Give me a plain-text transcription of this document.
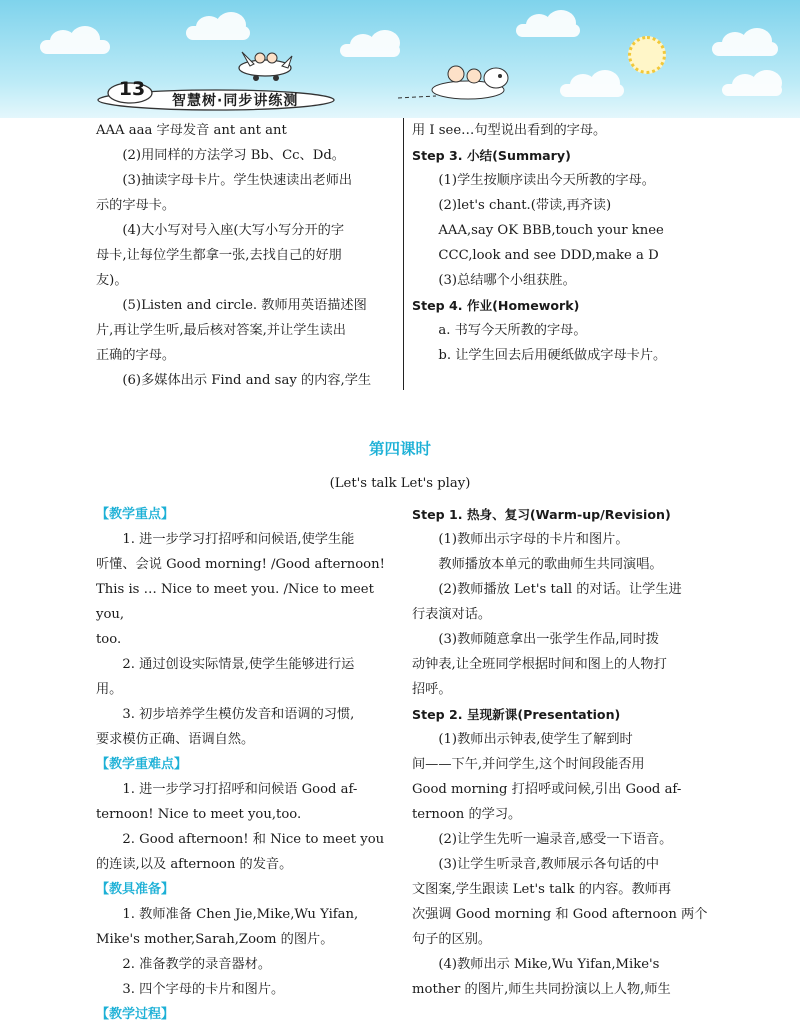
13
智慧树·同步讲练测

AAA aaa 字母发音 ant ant ant

(2)用同样的方法学习 Bb、Cc、Dd。

(3)抽读字母卡片。学生快速读出老师出

示的字母卡。

(4)大小写对号入座(大写小写分开的字

母卡,让每位学生都拿一张,去找自己的好朋

友)。

(5)Listen and circle. 教师用英语描述图

片,再让学生听,最后核对答案,并让学生读出

正确的字母。

(6)多媒体出示 Find and say 的内容,学生

用 I see…句型说出看到的字母。

Step 3. 小结(Summary)

(1)学生按顺序读出今天所教的字母。

(2)let's chant.(带读,再齐读)

AAA,say OK BBB,touch your knee

CCC,look and see DDD,make a D

(3)总结哪个小组获胜。

Step 4. 作业(Homework)

a. 书写今天所教的字母。

b. 让学生回去后用硬纸做成字母卡片。

第四课时
(Let's talk Let's play)

【教学重点】

1. 进一步学习打招呼和问候语,使学生能

听懂、会说 Good morning! /Good afternoon!

This is … Nice to meet you. /Nice to meet you,

too.

2. 通过创设实际情景,使学生能够进行运

用。

3. 初步培养学生模仿发音和语调的习惯,

要求模仿正确、语调自然。

【教学重难点】

1. 进一步学习打招呼和问候语 Good af-

ternoon! Nice to meet you,too.

2. Good afternoon! 和 Nice to meet you

的连读,以及 afternoon 的发音。

【教具准备】

1. 教师准备 Chen Jie,Mike,Wu Yifan,

Mike's mother,Sarah,Zoom 的图片。

2. 准备教学的录音器材。

3. 四个字母的卡片和图片。

【教学过程】

Step 1. 热身、复习(Warm-up/Revision)

(1)教师出示字母的卡片和图片。

教师播放本单元的歌曲师生共同演唱。

(2)教师播放 Let's tall 的对话。让学生进

行表演对话。

(3)教师随意拿出一张学生作品,同时拨

动钟表,让全班同学根据时间和图上的人物打

招呼。

Step 2. 呈现新课(Presentation)

(1)教师出示钟表,使学生了解到时

间——下午,并问学生,这个时间段能否用

Good morning 打招呼或问候,引出 Good af-

ternoon 的学习。

(2)让学生先听一遍录音,感受一下语音。

(3)让学生听录音,教师展示各句话的中

文图案,学生跟读 Let's talk 的内容。教师再

次强调 Good morning 和 Good afternoon 两个

句子的区别。

(4)教师出示 Mike,Wu Yifan,Mike's

mother 的图片,师生共同扮演以上人物,师生
